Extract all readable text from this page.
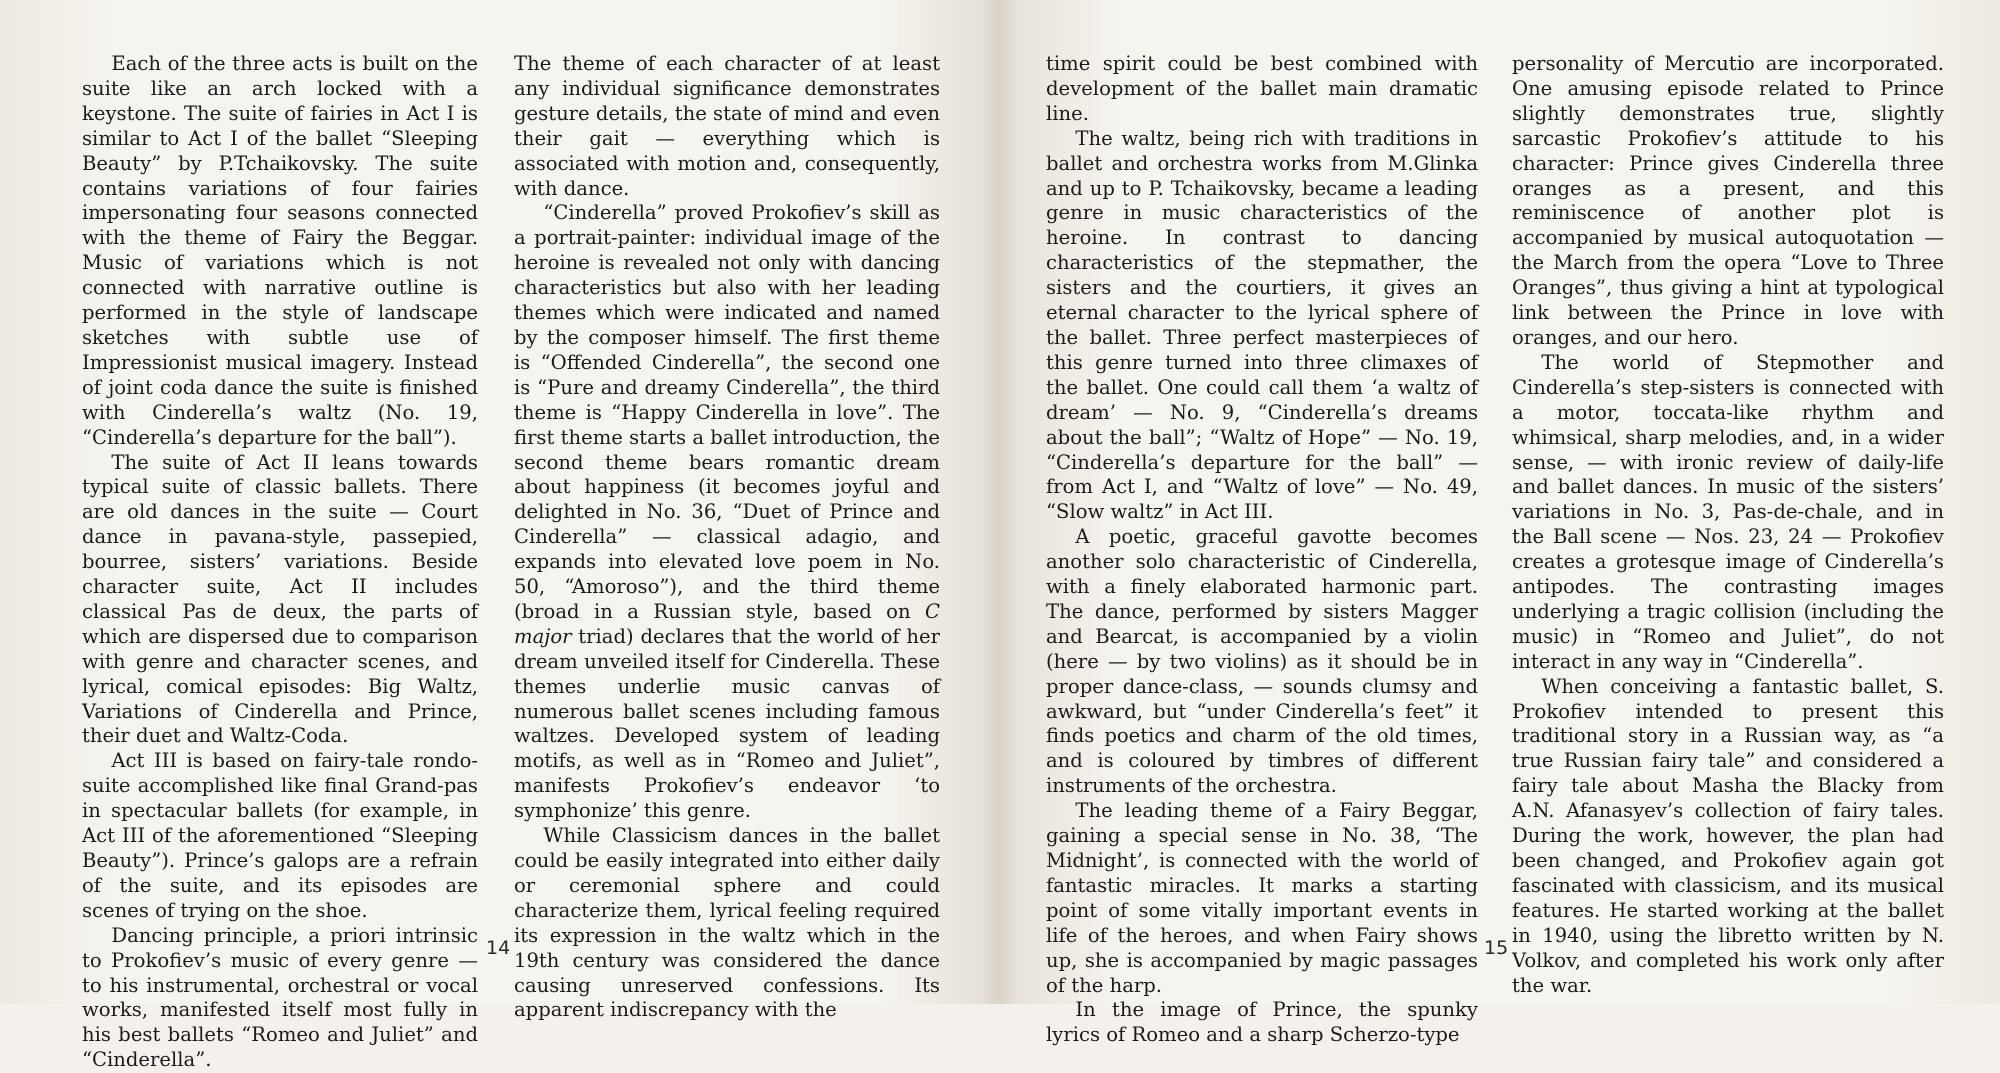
Each of the three acts is built on the suite like an arch locked with a keystone. The suite of fairies in Act I is similar to Act I of the ballet “Sleeping Beauty” by P.Tchaikovsky. The suite contains variations of four fairies impersonating four seasons connected with the theme of Fairy the Beggar. Music of variations which is not connected with narrative outline is performed in the style of landscape sketches with subtle use of Impressionist musical imagery. Instead of joint coda dance the suite is finished with Cinderella’s waltz (No. 19, “Cinderella’s departure for the ball”).

The suite of Act II leans towards typical suite of classic ballets. There are old dances in the suite — Court dance in pavana-style, passepied, bourree, sisters’ variations. Beside character suite, Act II includes classical Pas de deux, the parts of which are dispersed due to comparison with genre and character scenes, and lyrical, comical episodes: Big Waltz, Variations of Cinderella and Prince, their duet and Waltz-Coda.

Act III is based on fairy-tale rondo-suite accomplished like final Grand-pas in spectacular ballets (for example, in Act III of the aforementioned “Sleeping Beauty”). Prince’s galops are a refrain of the suite, and its episodes are scenes of trying on the shoe.

Dancing principle, a priori intrinsic to Prokofiev’s music of every genre — to his instrumental, orchestral or vocal works, manifested itself most fully in his best ballets “Romeo and Juliet” and “Cinderella”.

The theme of each character of at least any individual significance demonstrates gesture details, the state of mind and even their gait — everything which is associated with motion and, consequently, with dance.

“Cinderella” proved Prokofiev’s skill as a portrait-painter: individual image of the heroine is revealed not only with dancing characteristics but also with her leading themes which were indicated and named by the composer himself. The first theme is “Offended Cinderella”, the second one is “Pure and dreamy Cinderella”, the third theme is “Happy Cinderella in love”. The first theme starts a ballet introduction, the second theme bears romantic dream about happiness (it becomes joyful and delighted in No. 36, “Duet of Prince and Cinderella” — classical adagio, and expands into elevated love poem in No. 50, “Amoroso”), and the third theme (broad in a Russian style, based on C major triad) declares that the world of her dream unveiled itself for Cinderella. These themes underlie music canvas of numerous ballet scenes including famous waltzes. Developed system of leading motifs, as well as in “Romeo and Juliet”, manifests Prokofiev’s endeavor ‘to symphonize’ this genre.

While Classicism dances in the ballet could be easily integrated into either daily or ceremonial sphere and could characterize them, lyrical feeling required its expression in the waltz which in the 19th century was considered the dance causing unreserved confessions. Its apparent indiscrepancy with the

14

time spirit could be best combined with development of the ballet main dramatic line.

The waltz, being rich with traditions in ballet and orchestra works from M.Glinka and up to P. Tchaikovsky, became a leading genre in music characteristics of the heroine. In contrast to dancing characteristics of the stepmather, the sisters and the courtiers, it gives an eternal character to the lyrical sphere of the ballet. Three perfect masterpieces of this genre turned into three climaxes of the ballet. One could call them ‘a waltz of dream’ — No. 9, “Cinderella’s dreams about the ball”; “Waltz of Hope” — No. 19, “Cinderella’s departure for the ball” — from Act I, and “Waltz of love” — No. 49, “Slow waltz” in Act III.

A poetic, graceful gavotte becomes another solo characteristic of Cinderella, with a finely elaborated harmonic part. The dance, performed by sisters Magger and Bearcat, is accompanied by a violin (here — by two violins) as it should be in proper dance-class, — sounds clumsy and awkward, but “under Cinderella’s feet” it finds poetics and charm of the old times, and is coloured by timbres of different instruments of the orchestra.

The leading theme of a Fairy Beggar, gaining a special sense in No. 38, ‘The Midnight’, is connected with the world of fantastic miracles. It marks a starting point of some vitally important events in life of the heroes, and when Fairy shows up, she is accompanied by magic passages of the harp.

In the image of Prince, the spunky lyrics of Romeo and a sharp Scherzo-type

personality of Mercutio are incorporated. One amusing episode related to Prince slightly demonstrates true, slightly sarcastic Prokofiev’s attitude to his character: Prince gives Cinderella three oranges as a present, and this reminiscence of another plot is accompanied by musical autoquotation — the March from the opera “Love to Three Oranges”, thus giving a hint at typological link between the Prince in love with oranges, and our hero.

The world of Stepmother and Cinderella’s step-sisters is connected with a motor, toccata-like rhythm and whimsical, sharp melodies, and, in a wider sense, — with ironic review of daily-life and ballet dances. In music of the sisters’ variations in No. 3, Pas-de-chale, and in the Ball scene — Nos. 23, 24 — Prokofiev creates a grotesque image of Cinderella’s antipodes. The contrasting images underlying a tragic collision (including the music) in “Romeo and Juliet”, do not interact in any way in “Cinderella”.

When conceiving a fantastic ballet, S. Prokofiev intended to present this traditional story in a Russian way, as “a true Russian fairy tale” and considered a fairy tale about Masha the Blacky from A.N. Afanasyev’s collection of fairy tales. During the work, however, the plan had been changed, and Prokofiev again got fascinated with classicism, and its musical features. He started working at the ballet in 1940, using the libretto written by N. Volkov, and completed his work only after the war.

15
